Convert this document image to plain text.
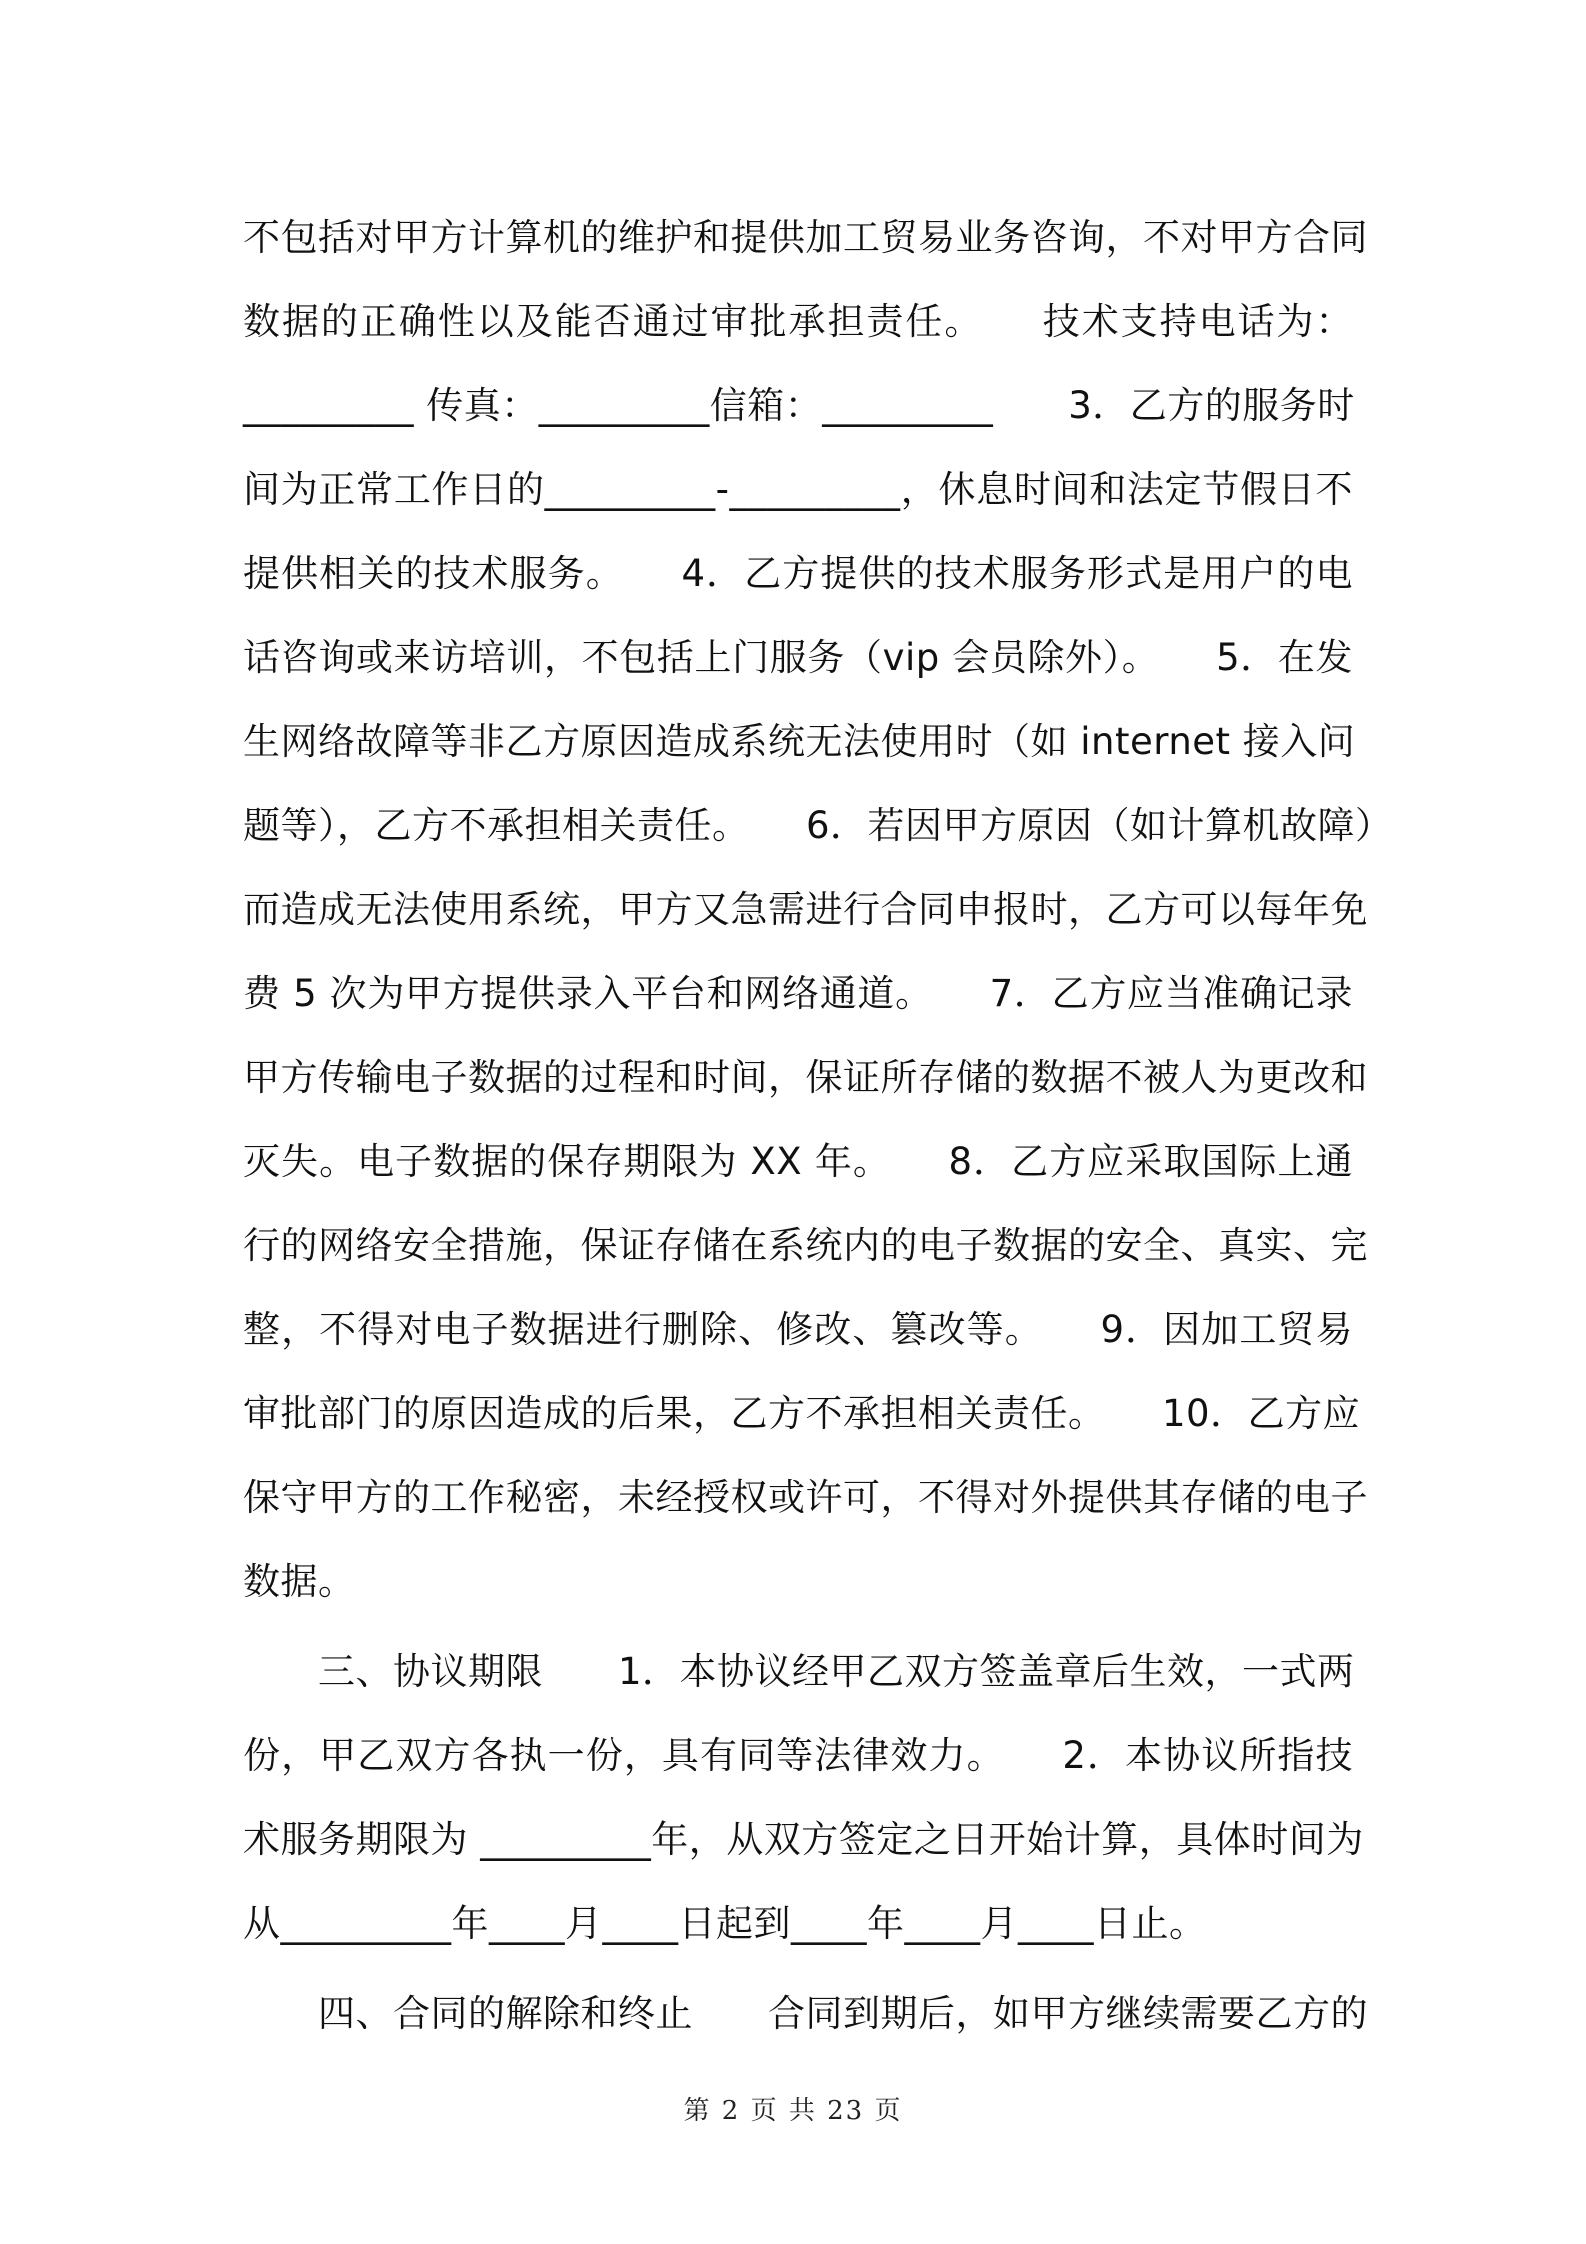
不包括对甲方计算机的维护和提供加工贸易业务咨询，不对甲方合同
数据的正确性以及能否通过审批承担责任。　　技术支持电话为：
_________ 传真：_________信箱：_________　　3．乙方的服务时
间为正常工作日的_________-_________，休息时间和法定节假日不
提供相关的技术服务。　　4．乙方提供的技术服务形式是用户的电
话咨询或来访培训，不包括上门服务（vip 会员除外）。　　5．在发
生网络故障等非乙方原因造成系统无法使用时（如 internet 接入问
题等），乙方不承担相关责任。　　6．若因甲方原因（如计算机故障）
而造成无法使用系统，甲方又急需进行合同申报时，乙方可以每年免
费 5 次为甲方提供录入平台和网络通道。　　7．乙方应当准确记录
甲方传输电子数据的过程和时间，保证所存储的数据不被人为更改和
灭失。电子数据的保存期限为 XX 年。　　8．乙方应采取国际上通
行的网络安全措施，保证存储在系统内的电子数据的安全、真实、完
整，不得对电子数据进行删除、修改、篡改等。　　9．因加工贸易
审批部门的原因造成的后果，乙方不承担相关责任。　　10．乙方应
保守甲方的工作秘密，未经授权或许可，不得对外提供其存储的电子
数据。
　　三、协议期限　　1．本协议经甲乙双方签盖章后生效，一式两
份，甲乙双方各执一份，具有同等法律效力。　　2．本协议所指技
术服务期限为 _________年，从双方签定之日开始计算，具体时间为
从_________年____月____日起到____年____月____日止。
　　四、合同的解除和终止　　合同到期后，如甲方继续需要乙方的
第 2 页 共 23 页
